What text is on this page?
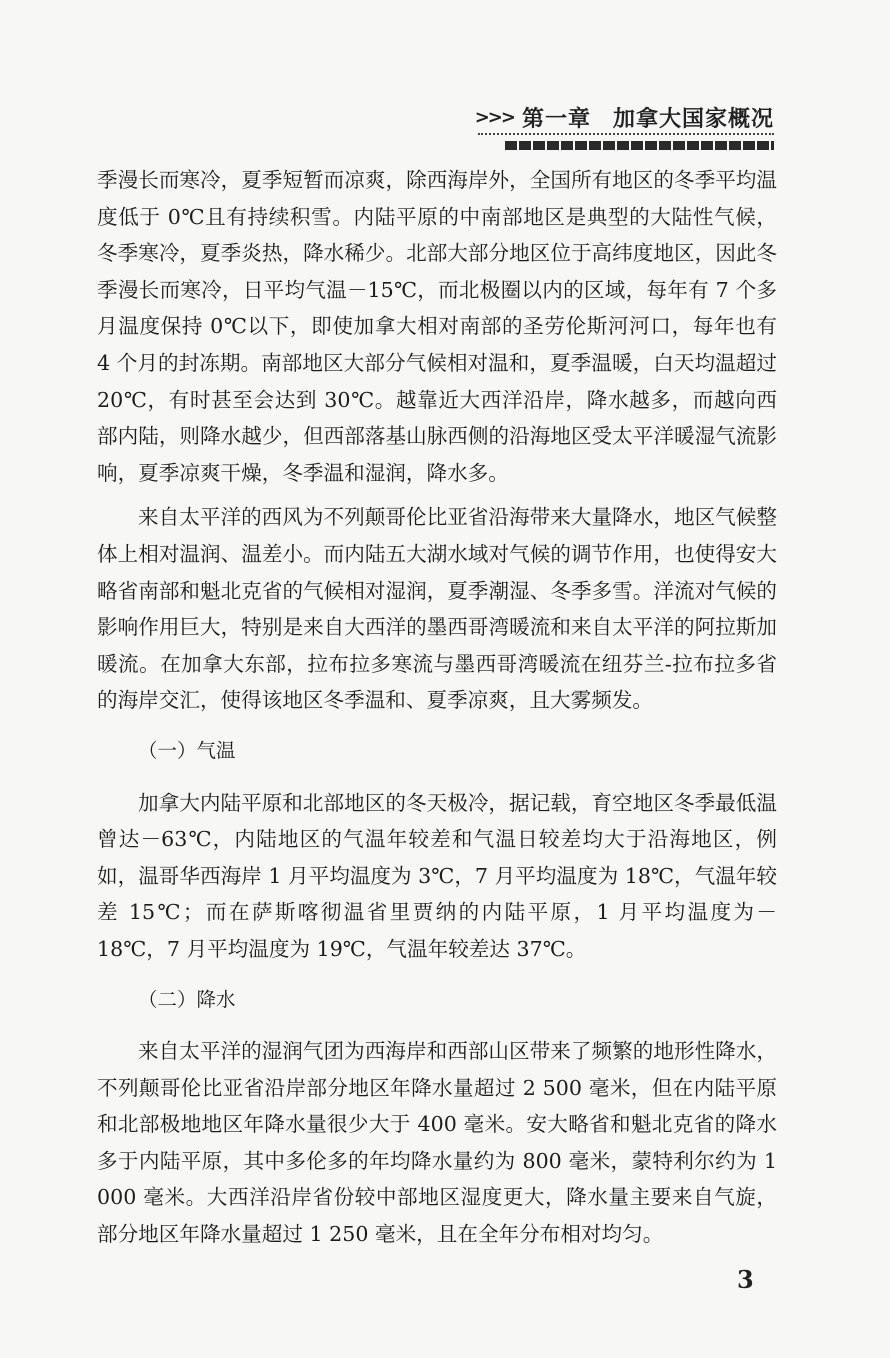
>>> 第一章 加拿大国家概况

季漫长而寒冷，夏季短暂而凉爽，除西海岸外，全国所有地区的冬季平均温度低于 0℃且有持续积雪。内陆平原的中南部地区是典型的大陆性气候，冬季寒冷，夏季炎热，降水稀少。北部大部分地区位于高纬度地区，因此冬季漫长而寒冷，日平均气温－15℃，而北极圈以内的区域，每年有 7 个多月温度保持 0℃以下，即使加拿大相对南部的圣劳伦斯河河口，每年也有 4 个月的封冻期。南部地区大部分气候相对温和，夏季温暖，白天均温超过 20℃，有时甚至会达到 30℃。越靠近大西洋沿岸，降水越多，而越向西部内陆，则降水越少，但西部落基山脉西侧的沿海地区受太平洋暖湿气流影响，夏季凉爽干燥，冬季温和湿润，降水多。

来自太平洋的西风为不列颠哥伦比亚省沿海带来大量降水，地区气候整体上相对温润、温差小。而内陆五大湖水域对气候的调节作用，也使得安大略省南部和魁北克省的气候相对湿润，夏季潮湿、冬季多雪。洋流对气候的影响作用巨大，特别是来自大西洋的墨西哥湾暖流和来自太平洋的阿拉斯加暖流。在加拿大东部，拉布拉多寒流与墨西哥湾暖流在纽芬兰-拉布拉多省的海岸交汇，使得该地区冬季温和、夏季凉爽，且大雾频发。

（一）气温

加拿大内陆平原和北部地区的冬天极冷，据记载，育空地区冬季最低温曾达－63℃，内陆地区的气温年较差和气温日较差均大于沿海地区，例如，温哥华西海岸 1 月平均温度为 3℃，7 月平均温度为 18℃，气温年较差 15℃；而在萨斯喀彻温省里贾纳的内陆平原，1 月平均温度为－18℃，7 月平均温度为 19℃，气温年较差达 37℃。

（二）降水

来自太平洋的湿润气团为西海岸和西部山区带来了频繁的地形性降水，不列颠哥伦比亚省沿岸部分地区年降水量超过 2 500 毫米，但在内陆平原和北部极地地区年降水量很少大于 400 毫米。安大略省和魁北克省的降水多于内陆平原，其中多伦多的年均降水量约为 800 毫米，蒙特利尔约为 1 000 毫米。大西洋沿岸省份较中部地区湿度更大，降水量主要来自气旋，部分地区年降水量超过 1 250 毫米，且在全年分布相对均匀。

3
